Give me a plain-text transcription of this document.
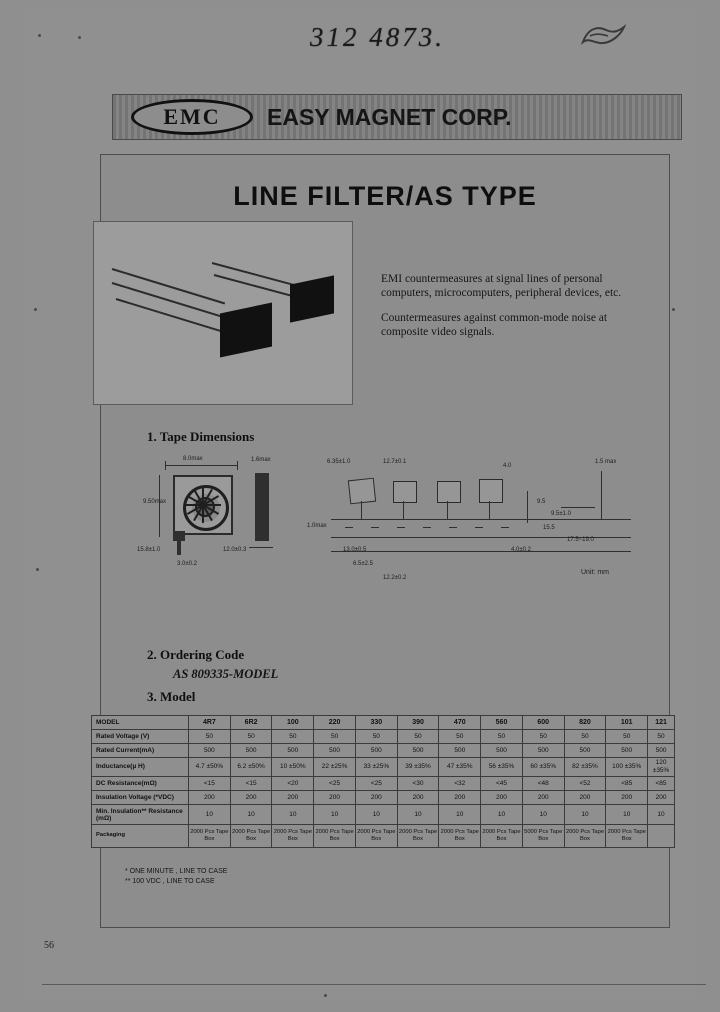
312 4873.
EMC	EASY MAGNET CORP.
LINE FILTER/AS TYPE

EMI countermeasures at signal lines of personal computers, microcomputers, peripheral devices, etc.

Countermeasures against common-mode noise at composite video signals.

1. Tape Dimensions
8.0max
9.50max
15.8±1.0
3.0±0.2
12.0±0.3
1.6max	6.35±1.0	12.7±0.1
4.0
1.5 max
9.5
9.5±1.0
15.5
17.5~19.0
1.0max
13.0±0.5	4.0±0.2
6.5±2.5
12.2±0.2
Unit: mm
2. Ordering Code
AS 809335-MODEL
3. Model
MODEL	4R7	6R2	100	220	330	390	470	560	600	820	101	121
Rated Voltage (V)	50	50	50	50	50	50	50	50	50	50	50	50
Rated Current(mA)	500	500	500	500	500	500	500	500	500	500	500	500
Inductance(µ H)	4.7 ±50%	6.2 ±50%	10 ±50%	22 ±25%	33 ±25%	39 ±35%	47 ±35%	56 ±35%	60 ±35%	82 ±35%	100 ±35%	120 ±35%
DC Resistance(mΩ)	<15	<15	<20	<25	<25	<30	<32	<45	<48	<52	<85	<85
Insulation Voltage (*VDC)	200	200	200	200	200	200	200	200	200	200	200	200
Min. Insulation** Resistance (mΩ)	10	10	10	10	10	10	10	10	10	10	10	10
Packaging	2000 Pcs Tape Box	2000 Pcs Tape Box	2000 Pcs Tape Box	2000 Pcs Tape Box	2000 Pcs Tape Box	2000 Pcs Tape Box	2000 Pcs Tape Box	2000 Pcs Tape Box	5000 Pcs Tape Box	2000 Pcs Tape Box	2000 Pcs Tape Box	
* ONE MINUTE , LINE TO CASE
** 100 VDC , LINE TO CASE
56
